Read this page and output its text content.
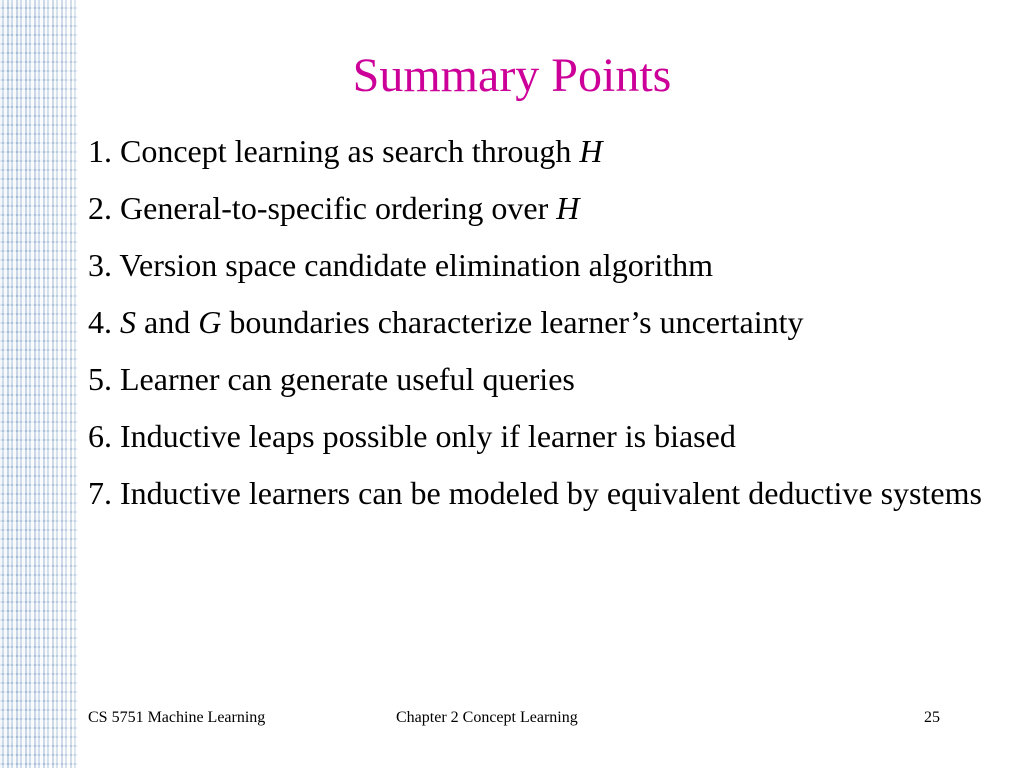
Summary Points
1. Concept learning as search through H
2. General-to-specific ordering over H
3. Version space candidate elimination algorithm
4. S and G boundaries characterize learner’s uncertainty
5. Learner can generate useful queries
6. Inductive leaps possible only if learner is biased
7. Inductive learners can be modeled by equivalent deductive systems
CS 5751 Machine Learning	Chapter 2 Concept Learning	25
